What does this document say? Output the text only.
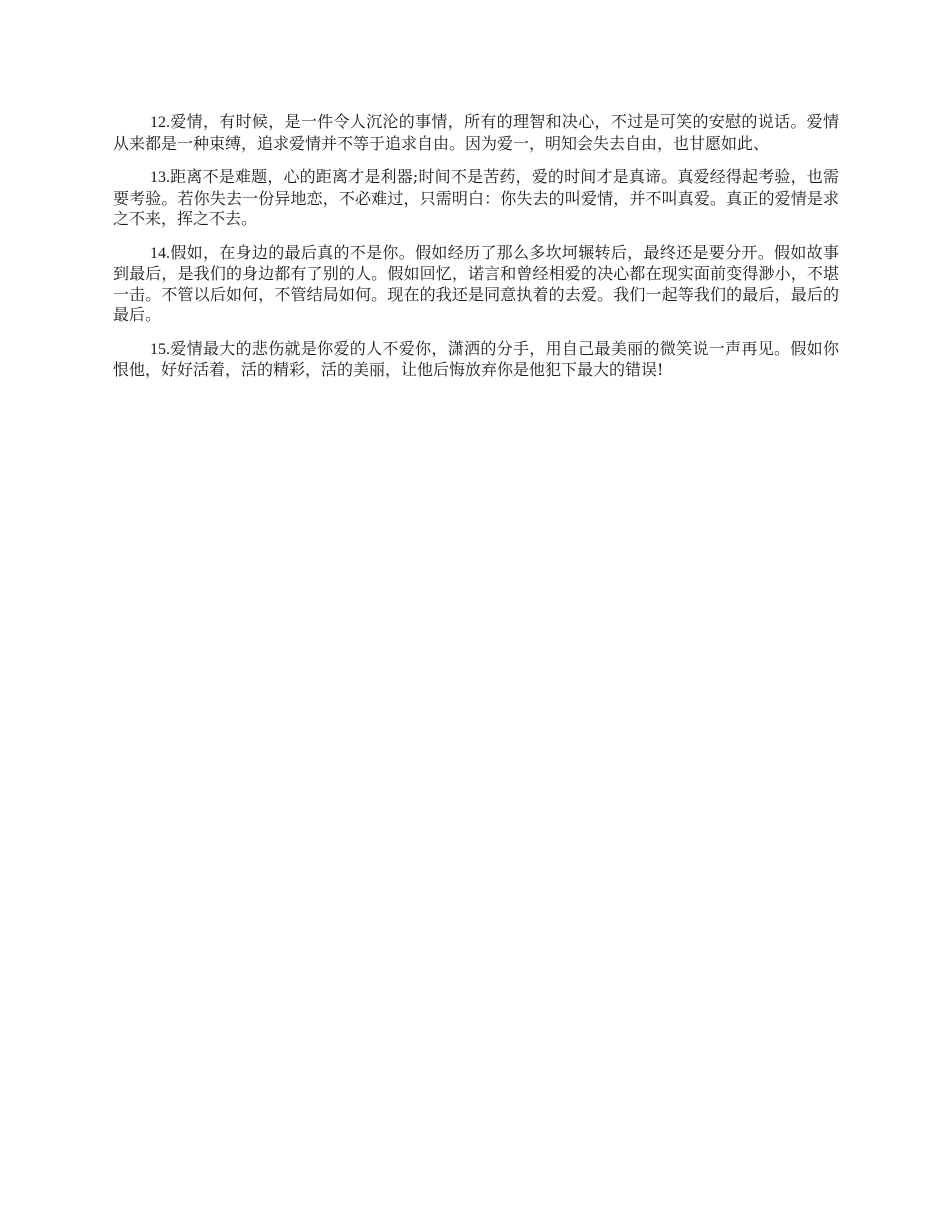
12.爱情，有时候，是一件令人沉沦的事情，所有的理智和决心，不过是可笑的安慰的说话。爱情从来都是一种束缚，追求爱情并不等于追求自由。因为爱一，明知会失去自由，也甘愿如此、

13.距离不是难题，心的距离才是利器;时间不是苦药，爱的时间才是真谛。真爱经得起考验，也需要考验。若你失去一份异地恋，不必难过，只需明白：你失去的叫爱情，并不叫真爱。真正的爱情是求之不来，挥之不去。

14.假如，在身边的最后真的不是你。假如经历了那么多坎坷辗转后，最终还是要分开。假如故事到最后，是我们的身边都有了别的人。假如回忆，诺言和曾经相爱的决心都在现实面前变得渺小，不堪一击。不管以后如何，不管结局如何。现在的我还是同意执着的去爱。我们一起等我们的最后，最后的最后。

15.爱情最大的悲伤就是你爱的人不爱你，潇洒的分手，用自己最美丽的微笑说一声再见。假如你恨他，好好活着，活的精彩，活的美丽，让他后悔放弃你是他犯下最大的错误!
